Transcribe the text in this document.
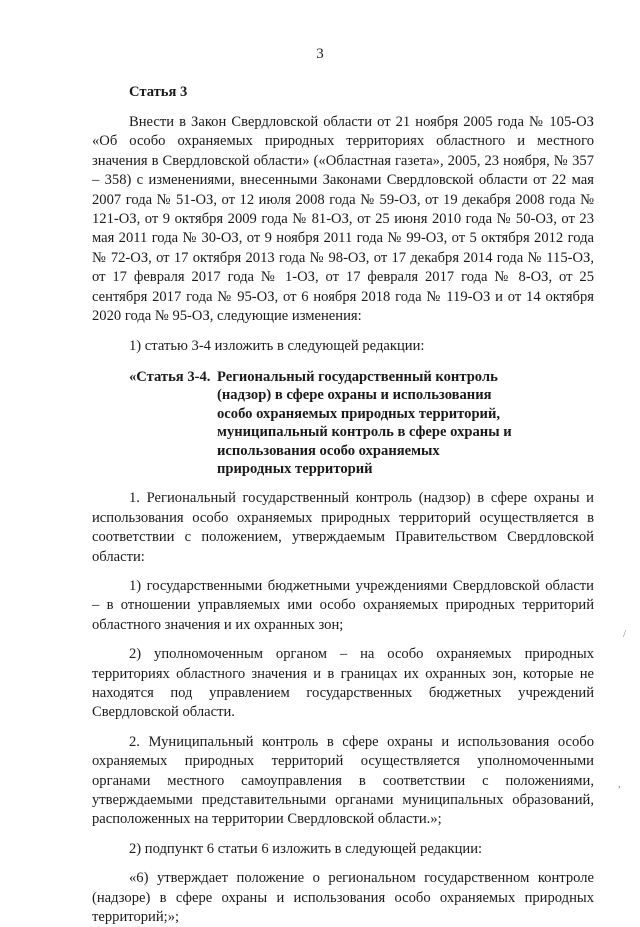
3
Статья 3

Внести в Закон Свердловской области от 21 ноября 2005 года № 105-ОЗ «Об особо охраняемых природных территориях областного и местного значения в Свердловской области» («Областная газета», 2005, 23 ноября, № 357 – 358) с изменениями, внесенными Законами Свердловской области от 22 мая 2007 года № 51-ОЗ, от 12 июля 2008 года № 59-ОЗ, от 19 декабря 2008 года № 121-ОЗ, от 9 октября 2009 года № 81-ОЗ, от 25 июня 2010 года № 50-ОЗ, от 23 мая 2011 года № 30-ОЗ, от 9 ноября 2011 года № 99-ОЗ, от 5 октября 2012 года № 72-ОЗ, от 17 октября 2013 года № 98-ОЗ, от 17 декабря 2014 года № 115-ОЗ, от 17 февраля 2017 года № 1-ОЗ, от 17 февраля 2017 года № 8-ОЗ, от 25 сентября 2017 года № 95-ОЗ, от 6 ноября 2018 года № 119-ОЗ и от 14 октября 2020 года № 95-ОЗ, следующие изменения:

1) статью 3-4 изложить в следующей редакции:

«Статья 3-4. Региональный государственный контроль (надзор) в сфере охраны и использования особо охраняемых природных территорий, муниципальный контроль в сфере охраны и использования особо охраняемых природных территорий

1. Региональный государственный контроль (надзор) в сфере охраны и использования особо охраняемых природных территорий осуществляется в соответствии с положением, утверждаемым Правительством Свердловской области:

1) государственными бюджетными учреждениями Свердловской области – в отношении управляемых ими особо охраняемых природных территорий областного значения и их охранных зон;

2) уполномоченным органом – на особо охраняемых природных территориях областного значения и в границах их охранных зон, которые не находятся под управлением государственных бюджетных учреждений Свердловской области.

2. Муниципальный контроль в сфере охраны и использования особо охраняемых природных территорий осуществляется уполномоченными органами местного самоуправления в соответствии с положениями, утверждаемыми представительными органами муниципальных образований, расположенных на территории Свердловской области.»;

2) подпункт 6 статьи 6 изложить в следующей редакции:

«6) утверждает положение о региональном государственном контроле (надзоре) в сфере охраны и использования особо охраняемых природных территорий;»;

/
,
